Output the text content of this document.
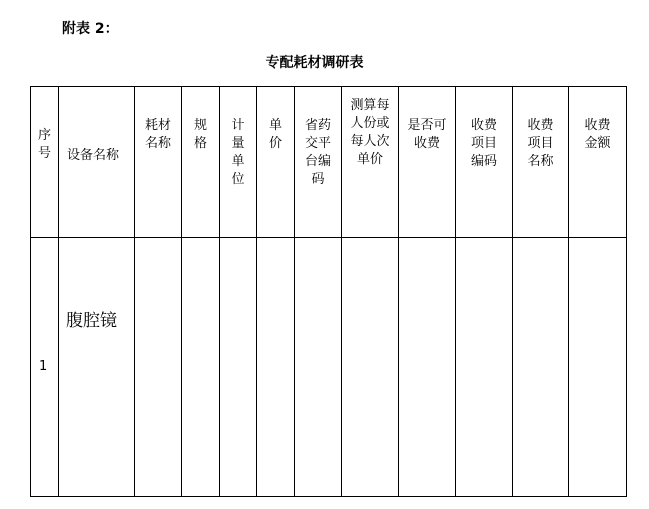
附表 2：
专配耗材调研表
序号	设备名称	耗材名称	规格	计量单位	单价	省药交平台编码	测算每人份或每人次单价	是否可收费	收费项目编码	收费项目名称	收费金额

1	腹腔镜										
